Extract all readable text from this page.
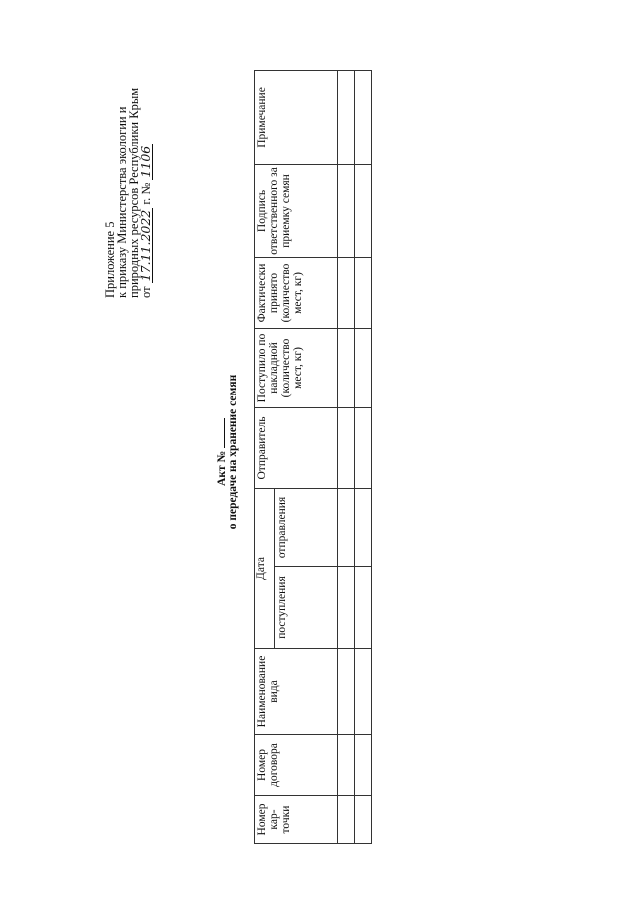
Приложение 5
к приказу Министерства экологии и
природных ресурсов Республики Крым
от 17.11.2022 г. № 1106
Акт № о передаче на хранение семян
Номер кар-точки	Номер договора	Наименование вида	Дата		Отправитель	Поступило по накладной (количество мест, кг)	Фактически принято (количество мест, кг)	Подпись ответственного за приемку семян	Примечание
			поступления	отправления					
